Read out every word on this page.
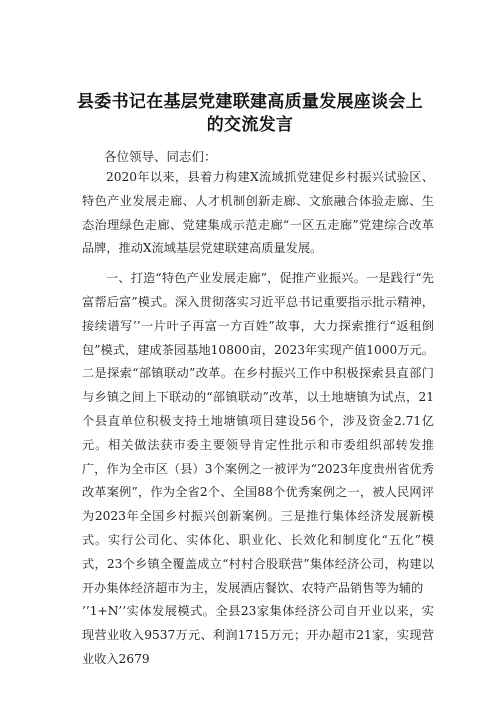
县委书记在基层党建联建高质量发展座谈会上
的交流发言
各位领导、同志们：

2020年以来，县着力构建X流域抓党建促乡村振兴试验区、特色产业发展走廊、人才机制创新走廊、文旅融合体验走廊、生态治理绿色走廊、党建集成示范走廊“一区五走廊”党建综合改革品牌，推动X流域基层党建联建高质量发展。

一、打造“特色产业发展走廊”，促推产业振兴。一是践行“先富帮后富”模式。深入贯彻落实习近平总书记重要指示批示精神，接续谱写’’一片叶子再富一方百姓”故事，大力探索推行“返租倒包”模式，建成茶园基地10800亩，2023年实现产值1000万元。二是探索“部镇联动”改革。在乡村振兴工作中积极探索县直部门与乡镇之间上下联动的“部镇联动”改革，以土地塘镇为试点，21个县直单位积极支持土地塘镇项目建设56个，涉及资金2.71亿元。相关做法获市委主要领导肯定性批示和市委组织部转发推广，作为全市区（县）3个案例之一被评为“2023年度贵州省优秀改革案例”，作为全省2个、全国88个优秀案例之一，被人民网评为2023年全国乡村振兴创新案例。三是推行集体经济发展新模式。实行公司化、实体化、职业化、长效化和制度化“五化”模式，23个乡镇全覆盖成立“村村合股联营”集体经济公司，构建以开办集体经济超市为主，发展酒店餐饮、农特产品销售等为辅的

’’1+N’’实体发展模式。全县23家集体经济公司自开业以来，实现营业收入9537万元、利润1715万元；开办超市21家，实现营业收入2679
